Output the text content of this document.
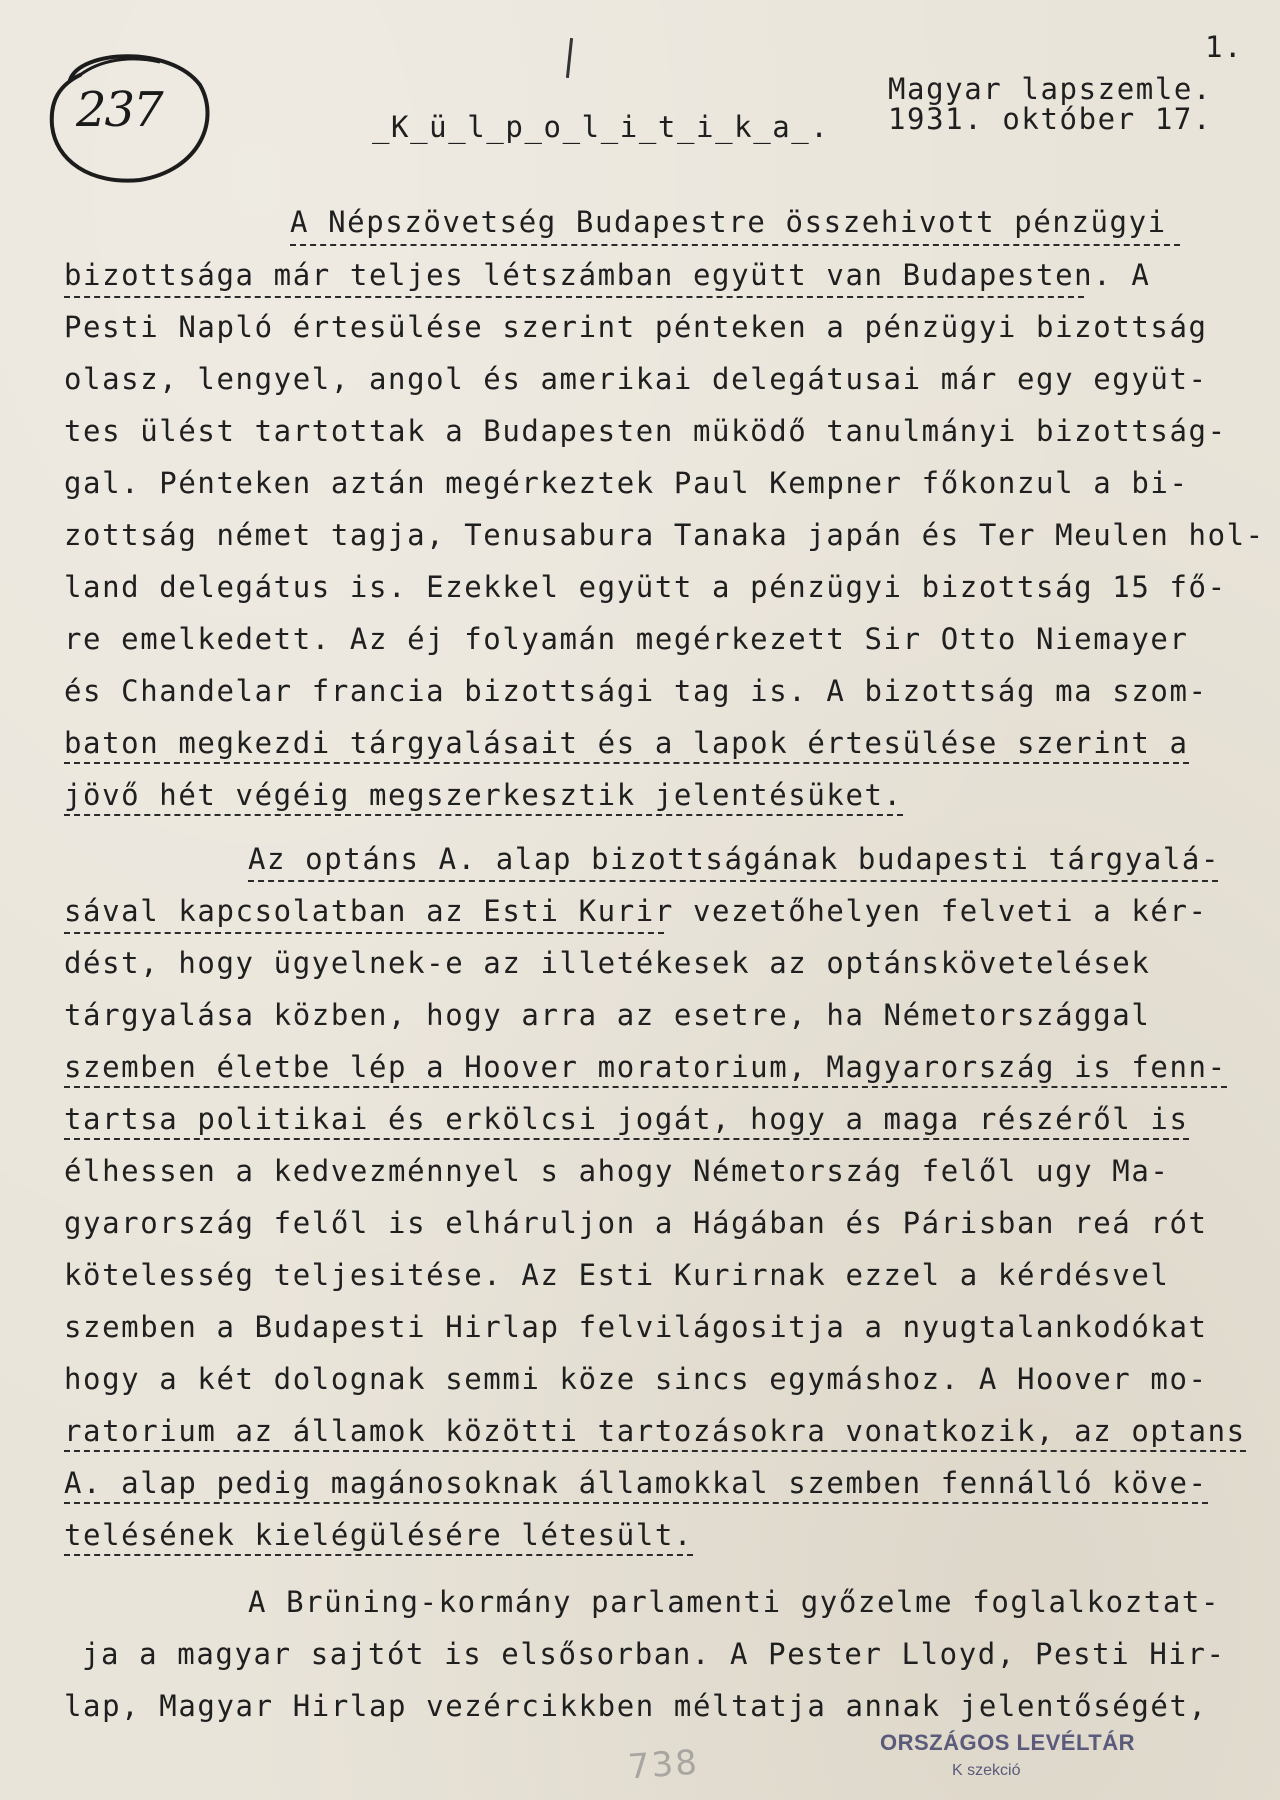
237
1.
_K_ü_l_p_o_l_i_t_i_k_a_.
Magyar lapszemle.
1931. október 17.
A Népszövetség Budapestre összehivott pénzügyi
bizottsága már teljes létszámban együtt van Budapesten. A
Pesti Napló értesülése szerint pénteken a pénzügyi bizottság
olasz, lengyel, angol és amerikai delegátusai már egy együt-
tes ülést tartottak a Budapesten müködő tanulmányi bizottság-
gal. Pénteken aztán megérkeztek Paul Kempner főkonzul a bi-
zottság német tagja, Tenusabura Tanaka japán és Ter Meulen hol-
land delegátus is. Ezekkel együtt a pénzügyi bizottság 15 fő-
re emelkedett. Az éj folyamán megérkezett Sir Otto Niemayer
és Chandelar francia bizottsági tag is. A bizottság ma szom-
baton megkezdi tárgyalásait és a lapok értesülése szerint a
jövő hét végéig megszerkesztik jelentésüket.
Az optáns A. alap bizottságának budapesti tárgyalá-
sával kapcsolatban az Esti Kurir vezetőhelyen felveti a kér-
dést, hogy ügyelnek-e az illetékesek az optánskövetelések
tárgyalása közben, hogy arra az esetre, ha Németországgal
szemben életbe lép a Hoover moratorium, Magyarország is fenn-
tartsa politikai és erkölcsi jogát, hogy a maga részéről is
élhessen a kedvezménnyel s ahogy Németország felől ugy Ma-
gyarország felől is elháruljon a Hágában és Párisban reá rót
kötelesség teljesitése. Az Esti Kurirnak ezzel a kérdésvel
szemben a Budapesti Hirlap felvilágositja a nyugtalankodókat
hogy a két dolognak semmi köze sincs egymáshoz. A Hoover mo-
ratorium az államok közötti tartozásokra vonatkozik, az optans
A. alap pedig magánosoknak államokkal szemben fennálló köve-
telésének kielégülésére létesült.
A Brüning-kormány parlamenti győzelme foglalkoztat-
ja a magyar sajtót is elsősorban. A Pester Lloyd, Pesti Hir-
lap, Magyar Hirlap vezércikkben méltatja annak jelentőségét,
738
ORSZÁGOS LEVÉLTÁR
K szekció
